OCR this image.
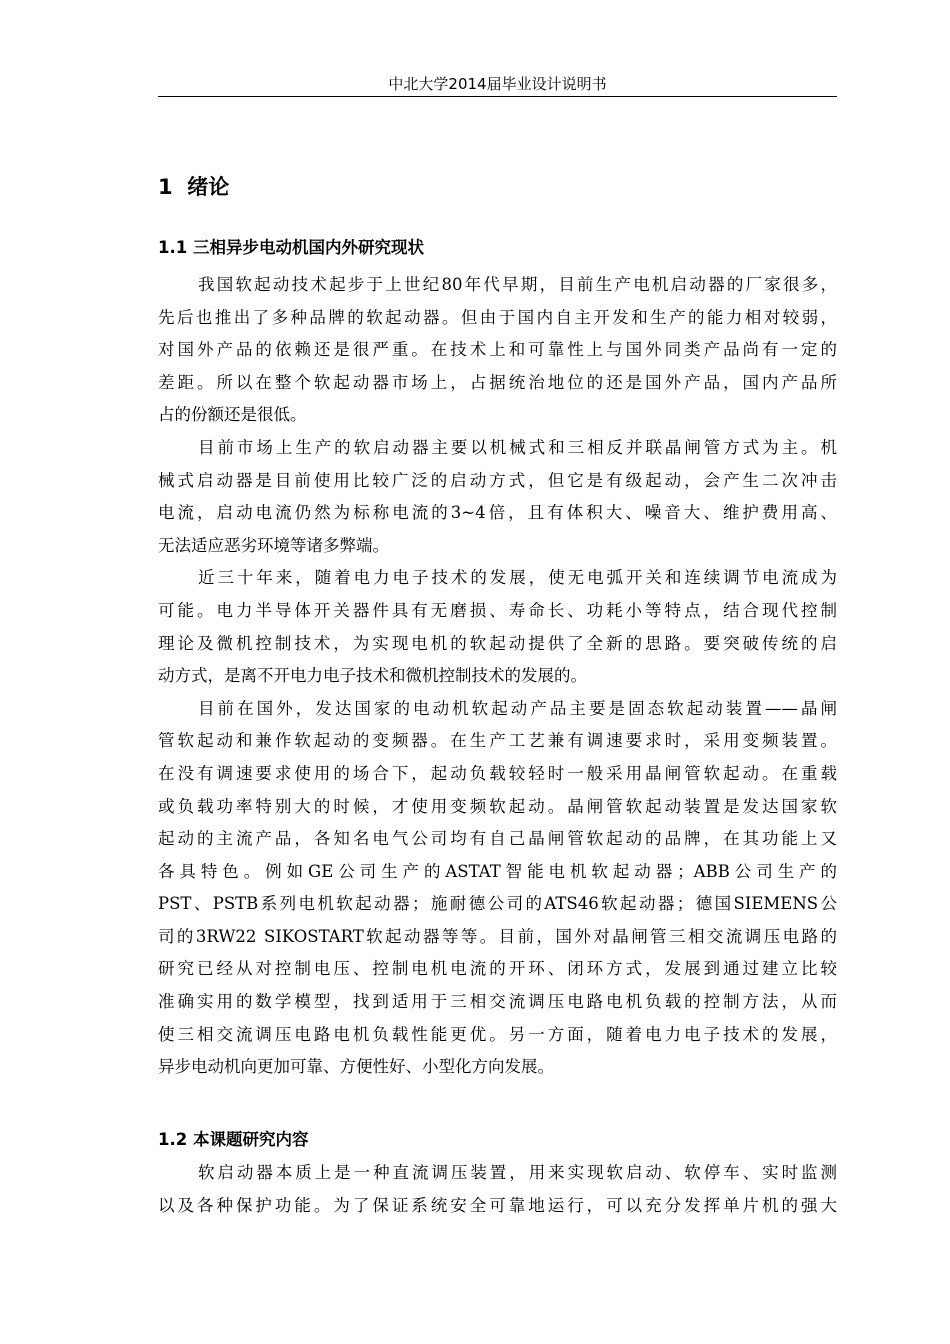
中北大学2014届毕业设计说明书
1  绪论
1.1 三相异步电动机国内外研究现状
我国软起动技术起步于上世纪80年代早期，目前生产电机启动器的厂家很多，
先后也推出了多种品牌的软起动器。但由于国内自主开发和生产的能力相对较弱，
对国外产品的依赖还是很严重。在技术上和可靠性上与国外同类产品尚有一定的
差距。所以在整个软起动器市场上，占据统治地位的还是国外产品，国内产品所
占的份额还是很低。
目前市场上生产的软启动器主要以机械式和三相反并联晶闸管方式为主。机
械式启动器是目前使用比较广泛的启动方式，但它是有级起动，会产生二次冲击
电流，启动电流仍然为标称电流的3~4倍，且有体积大、噪音大、维护费用高、
无法适应恶劣环境等诸多弊端。
近三十年来，随着电力电子技术的发展，使无电弧开关和连续调节电流成为
可能。电力半导体开关器件具有无磨损、寿命长、功耗小等特点，结合现代控制
理论及微机控制技术，为实现电机的软起动提供了全新的思路。要突破传统的启
动方式，是离不开电力电子技术和微机控制技术的发展的。
目前在国外，发达国家的电动机软起动产品主要是固态软起动装置——晶闸
管软起动和兼作软起动的变频器。在生产工艺兼有调速要求时，采用变频装置。
在没有调速要求使用的场合下，起动负载较轻时一般采用晶闸管软起动。在重载
或负载功率特别大的时候，才使用变频软起动。晶闸管软起动装置是发达国家软
起动的主流产品，各知名电气公司均有自己晶闸管软起动的品牌，在其功能上又
各具特色。例如GE公司生产的ASTAT智能电机软起动器；ABB公司生产的
PST、PSTB系列电机软起动器；施耐德公司的ATS46软起动器；德国SIEMENS公
司的3RW22 SIKOSTART软起动器等等。目前，国外对晶闸管三相交流调压电路的
研究已经从对控制电压、控制电机电流的开环、闭环方式，发展到通过建立比较
准确实用的数学模型，找到适用于三相交流调压电路电机负载的控制方法，从而
使三相交流调压电路电机负载性能更优。另一方面，随着电力电子技术的发展，
异步电动机向更加可靠、方便性好、小型化方向发展。
1.2 本课题研究内容
软启动器本质上是一种直流调压装置，用来实现软启动、软停车、实时监测
以及各种保护功能。为了保证系统安全可靠地运行，可以充分发挥单片机的强大
